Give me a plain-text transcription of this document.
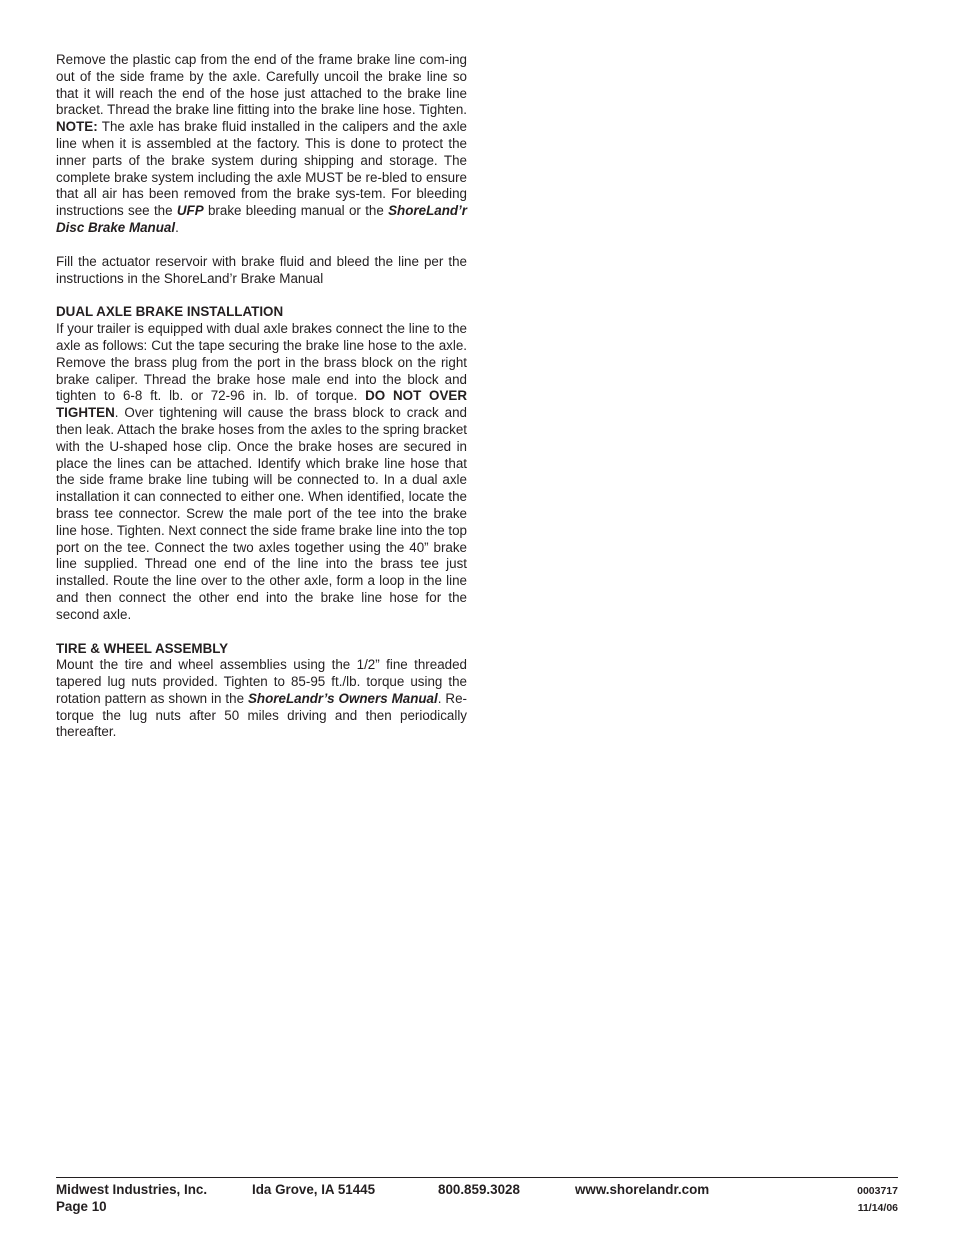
Remove the plastic cap from the end of the frame brake line com-ing out of the side frame by the axle. Carefully uncoil the brake line so that it will reach the end of the hose just attached to the brake line bracket. Thread the brake line fitting into the brake line hose. Tighten. NOTE: The axle has brake fluid installed in the calipers and the axle line when it is assembled at the factory. This is done to protect the inner parts of the brake system during shipping and storage. The complete brake system including the axle MUST be re-bled to ensure that all air has been removed from the brake sys-tem. For bleeding instructions see the UFP brake bleeding manual or the ShoreLand’r Disc Brake Manual.

Fill the actuator reservoir with brake fluid and bleed the line per the instructions in the ShoreLand’r Brake Manual

DUAL AXLE BRAKE INSTALLATION

If your trailer is equipped with dual axle brakes connect the line to the axle as follows: Cut the tape securing the brake line hose to the axle. Remove the brass plug from the port in the brass block on the right brake caliper. Thread the brake hose male end into the block and tighten to 6-8 ft. lb. or 72-96 in. lb. of torque. DO NOT OVER TIGHTEN. Over tightening will cause the brass block to crack and then leak. Attach the brake hoses from the axles to the spring bracket with the U-shaped hose clip. Once the brake hoses are secured in place the lines can be attached. Identify which brake line hose that the side frame brake line tubing will be connected to. In a dual axle installation it can connected to either one. When identified, locate the brass tee connector. Screw the male port of the tee into the brake line hose. Tighten. Next connect the side frame brake line into the top port on the tee. Connect the two axles together using the 40” brake line supplied. Thread one end of the line into the brass tee just installed. Route the line over to the other axle, form a loop in the line and then connect the other end into the brake line hose for the second axle.

TIRE & WHEEL ASSEMBLY

Mount the tire and wheel assemblies using the 1/2” fine threaded tapered lug nuts provided. Tighten to 85-95 ft./lb. torque using the rotation pattern as shown in the ShoreLandr’s Owners Manual. Re-torque the lug nuts after 50 miles driving and then periodically thereafter.

Midwest Industries, Inc.
Page 10
Ida Grove, IA 51445	800.859.3028	www.shorelandr.com	0003717
11/14/06
